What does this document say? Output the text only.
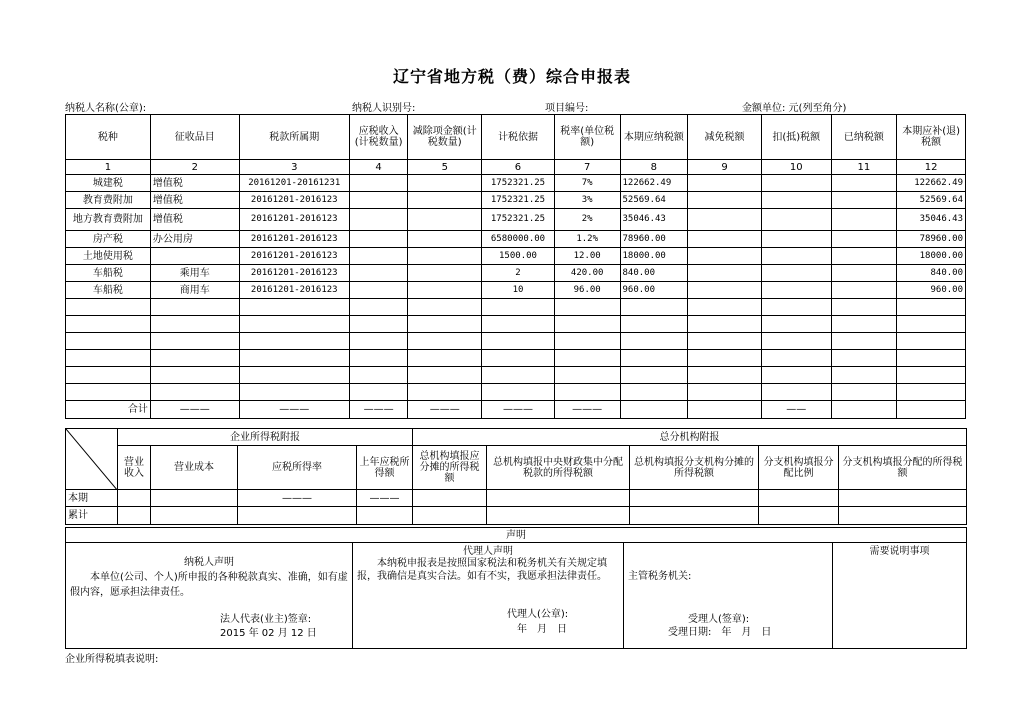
辽宁省地方税（费）综合申报表
纳税人名称(公章):	纳税人识别号:	项目编号:	金额单位: 元(列至角分)
税种	征收品目	税款所属期	应税收入(计税数量)	减除项金额(计税数量)	计税依据	税率(单位税额)	本期应纳税额	减免税额	扣(抵)税额	已纳税额	本期应补(退)税额
1	2	3	4	5	6	7	8	9	10	11	12
城建税	增值税	20161201-20161231			1752321.25	7%	122662.49				122662.49
教育费附加	增值税	20161201-2016123			1752321.25	3%	52569.64				52569.64
地方教育费附加	增值税	20161201-2016123			1752321.25	2%	35046.43				35046.43
房产税	办公用房	20161201-2016123			6580000.00	1.2%	78960.00				78960.00
土地使用税		20161201-2016123			1500.00	12.00	18000.00				18000.00
车船税	乘用车	20161201-2016123			2	420.00	840.00				840.00
车船税	商用车	20161201-2016123			10	96.00	960.00				960.00

合计	———	———	———	———	———	———			——		
	企业所得税附报				总分机构附报				
	营业收入	营业成本	应税所得率	上年应税所得额	总机构填报应分摊的所得税额	总机构填报中央财政集中分配税款的所得税额	总机构填报分支机构分摊的所得税额	分支机构填报分配比例	分支机构填报分配的所得税额
本期			———	———					
累计									
声明

纳税人声明
本单位(公司、个人)所申报的各种税款真实、准确，如有虚假内容，愿承担法律责任。
法人代表(业主)签章:
2015 年 02 月 12 日

代理人声明
本纳税申报表是按照国家税法和税务机关有关规定填报，我确信是真实合法。如有不实，我愿承担法律责任。
代理人(公章):
年　月　日

主管税务机关:
受理人(签章):
受理日期:　年　月　日

需要说明事项
企业所得税填表说明:
